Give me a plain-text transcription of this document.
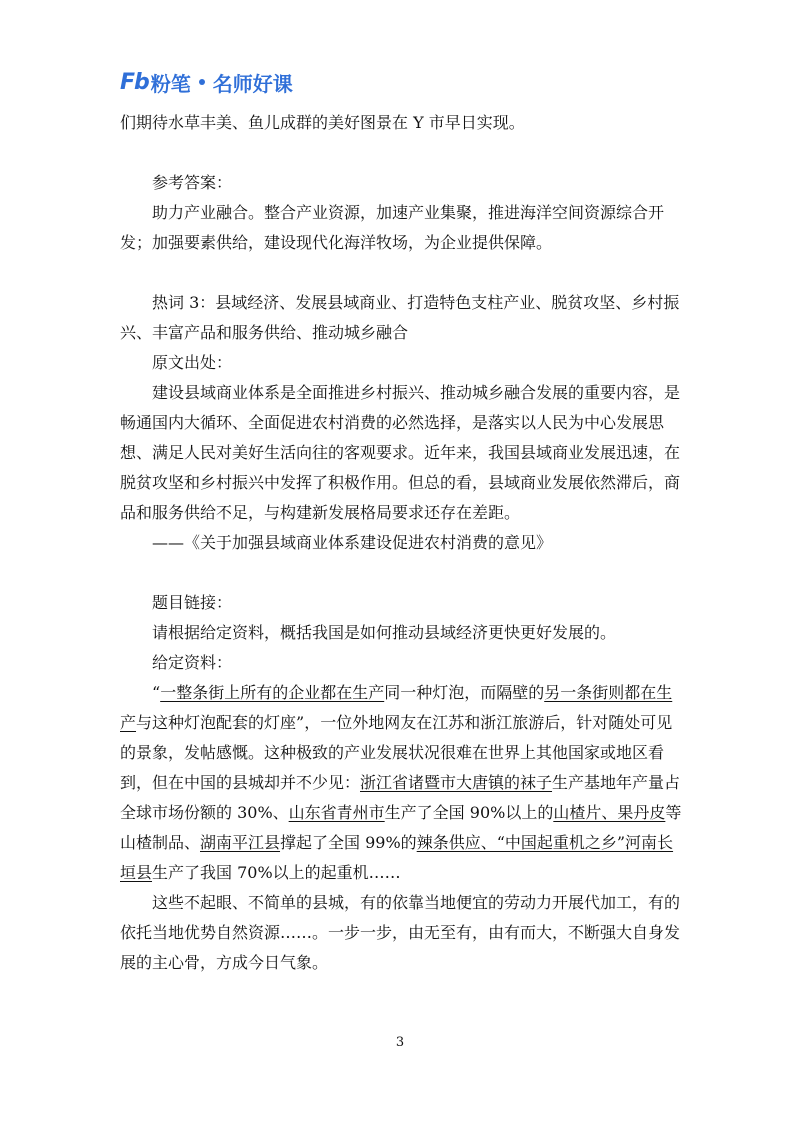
Fb 粉笔 名师好课

们期待水草丰美、鱼儿成群的美好图景在 Y 市早日实现。

参考答案：

助力产业融合。整合产业资源，加速产业集聚，推进海洋空间资源综合开发；加强要素供给，建设现代化海洋牧场，为企业提供保障。

热词 3：县域经济、发展县域商业、打造特色支柱产业、脱贫攻坚、乡村振兴、丰富产品和服务供给、推动城乡融合

原文出处：

建设县域商业体系是全面推进乡村振兴、推动城乡融合发展的重要内容，是畅通国内大循环、全面促进农村消费的必然选择，是落实以人民为中心发展思想、满足人民对美好生活向往的客观要求。近年来，我国县域商业发展迅速，在脱贫攻坚和乡村振兴中发挥了积极作用。但总的看，县域商业发展依然滞后，商品和服务供给不足，与构建新发展格局要求还存在差距。

——《关于加强县域商业体系建设促进农村消费的意见》

题目链接：

请根据给定资料，概括我国是如何推动县域经济更快更好发展的。

给定资料：

“一整条街上所有的企业都在生产同一种灯泡，而隔壁的另一条街则都在生产与这种灯泡配套的灯座”，一位外地网友在江苏和浙江旅游后，针对随处可见的景象，发帖感慨。这种极致的产业发展状况很难在世界上其他国家或地区看到，但在中国的县城却并不少见：浙江省诸暨市大唐镇的袜子生产基地年产量占全球市场份额的 30%、山东省青州市生产了全国 90%以上的山楂片、果丹皮等山楂制品、湖南平江县撑起了全国 99%的辣条供应、“中国起重机之乡”河南长垣县生产了我国 70%以上的起重机……

这些不起眼、不简单的县城，有的依靠当地便宜的劳动力开展代加工，有的依托当地优势自然资源……。一步一步，由无至有，由有而大，不断强大自身发展的主心骨，方成今日气象。

3
